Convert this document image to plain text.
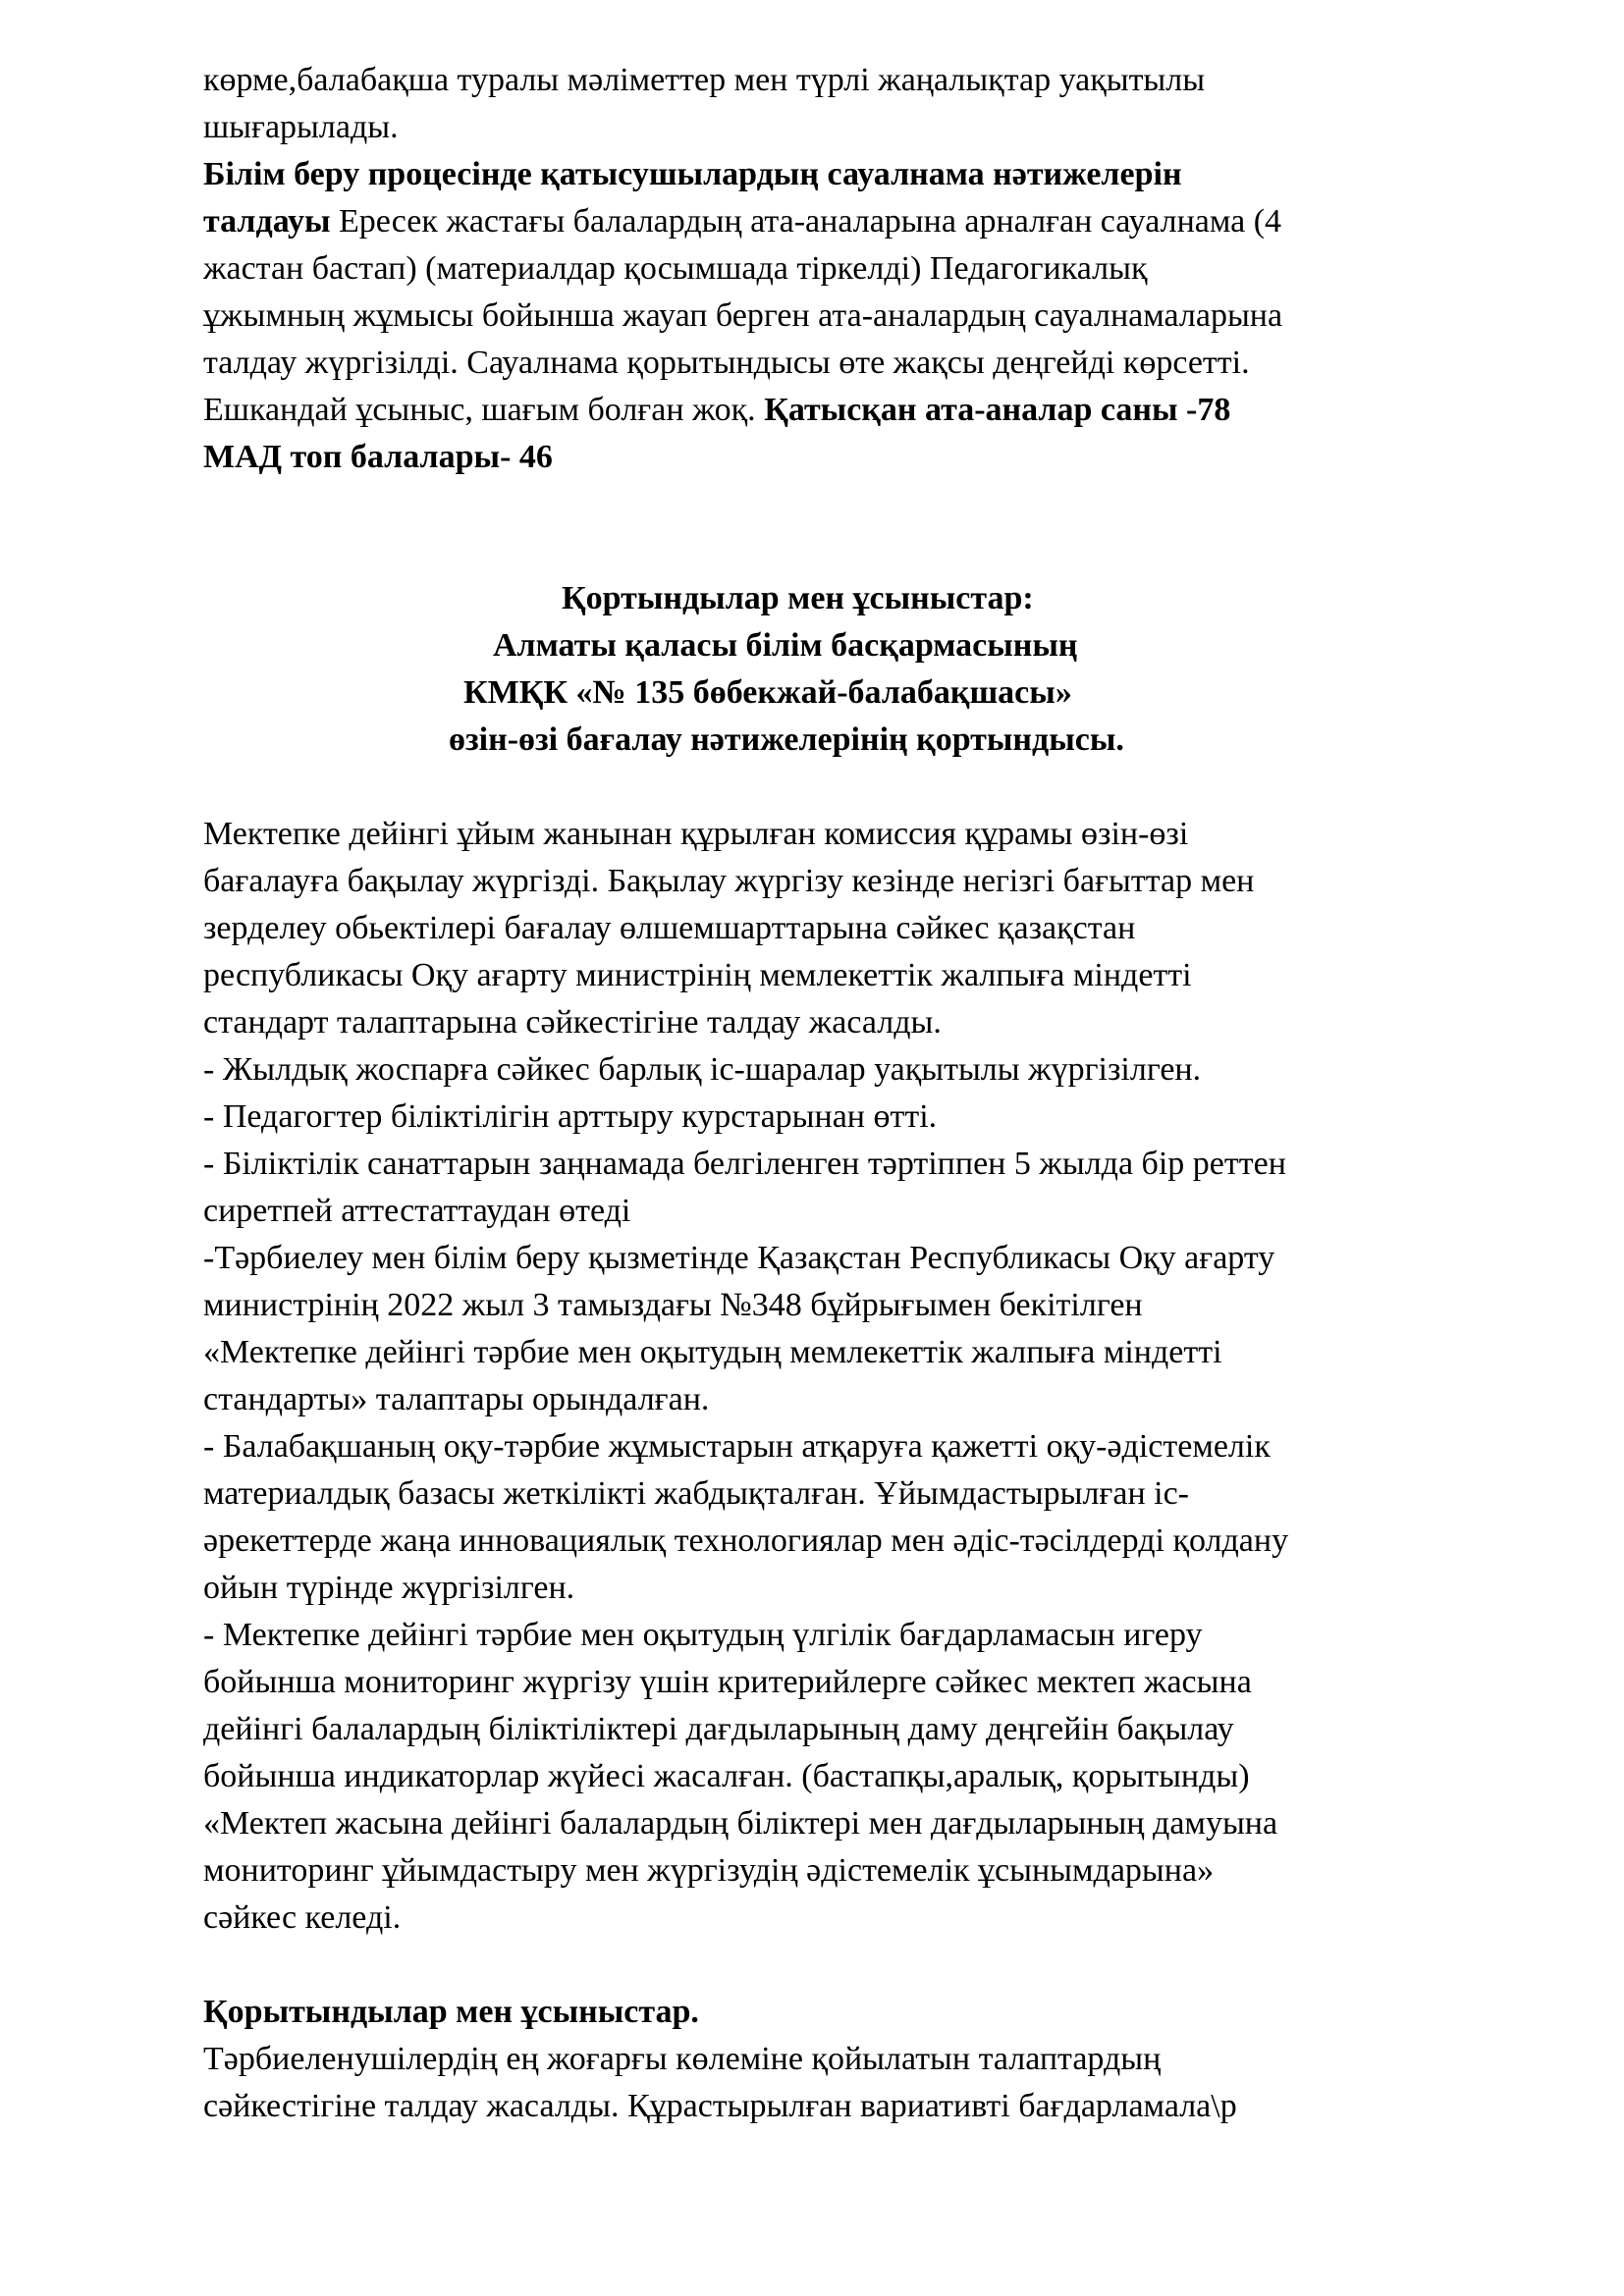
көрме,балабақша туралы мәліметтер мен түрлі жаңалықтар уақытылы
шығарылады.
Білім беру процесінде қатысушылардың сауалнама нәтижелерін
талдауы Ересек жастағы балалардың ата-аналарына арналған сауалнама (4
жастан бастап) (материалдар қосымшада тіркелді) Педагогикалық
ұжымның жұмысы бойынша жауап берген ата-аналардың сауалнамаларына
талдау жүргізілді. Сауалнама қорытындысы өте жақсы деңгейді көрсетті.
Ешкандай ұсыныс, шағым болған жоқ. Қатысқан ата-аналар саны -78
МАД топ балалары- 46
Қортындылар мен ұсыныстар:
Алматы қаласы білім басқармасының
КМҚК «№ 135 бөбекжай-балабақшасы»
өзін-өзі бағалау нәтижелерінің қортындысы.
Мектепке дейінгі ұйым жанынан құрылған комиссия құрамы өзін-өзі
бағалауға бақылау жүргізді. Бақылау жүргізу кезінде негізгі бағыттар мен
зерделеу обьектілері бағалау өлшемшарттарына сәйкес қазақстан
республикасы Оқу ағарту министрінің мемлекеттік жалпыға міндетті
стандарт талаптарына сәйкестігіне талдау жасалды.
- Жылдық жоспарға сәйкес барлық іс-шаралар уақытылы жүргізілген.
- Педагогтер біліктілігін арттыру курстарынан өтті.
- Біліктілік санаттарын заңнамада белгіленген тәртіппен 5 жылда бір реттен
сиретпей аттестаттаудан өтеді
-Тәрбиелеу мен білім беру қызметінде Қазақстан Республикасы Оқу ағарту
министрінің 2022 жыл 3 тамыздағы №348 бұйрығымен бекітілген
«Мектепке дейінгі тәрбие мен оқытудың мемлекеттік жалпыға міндетті
стандарты» талаптары орындалған.
- Балабақшаның оқу-тәрбие жұмыстарын атқаруға қажетті оқу-әдістемелік
материалдық базасы жеткілікті жабдықталған. Ұйымдастырылған іс-
әрекеттерде жаңа инновациялық технологиялар мен әдіс-тәсілдерді қолдану
ойын түрінде жүргізілген.
- Мектепке дейінгі тәрбие мен оқытудың үлгілік бағдарламасын игеру
бойынша мониторинг жүргізу үшін критерийлерге сәйкес мектеп жасына
дейінгі балалардың біліктіліктері дағдыларының даму деңгейін бақылау
бойынша индикаторлар жүйесі жасалған. (бастапқы,аралық, қорытынды)
«Мектеп жасына дейінгі балалардың біліктері мен дағдыларының дамуына
мониторинг ұйымдастыру мен жүргізудің әдістемелік ұсынымдарына»
сәйкес келеді.
Қорытындылар мен ұсыныстар.
Тәрбиеленушілердің ең жоғарғы көлеміне қойылатын талаптардың
сәйкестігіне талдау жасалды. Құрастырылған вариативті бағдарламала\р
